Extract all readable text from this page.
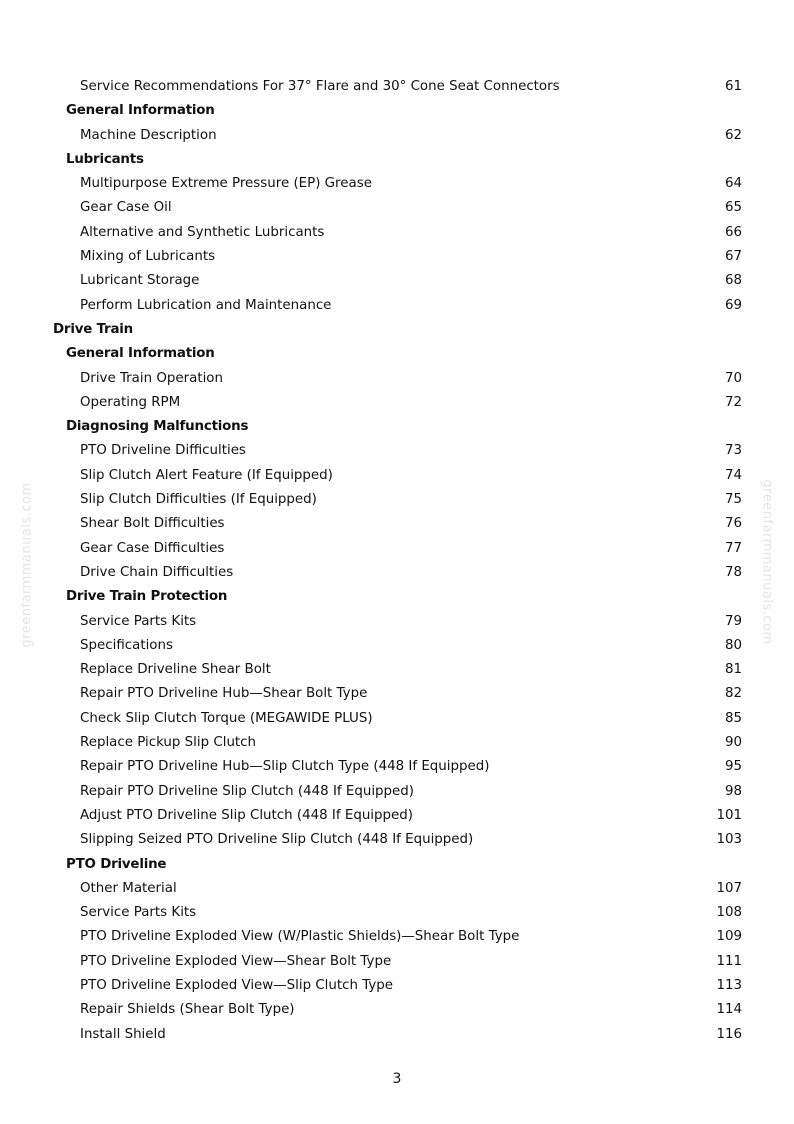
Service Recommendations For 37° Flare and 30° Cone Seat Connectors	61
General Information
Machine Description	62
Lubricants
Multipurpose Extreme Pressure (EP) Grease	64
Gear Case Oil	65
Alternative and Synthetic Lubricants	66
Mixing of Lubricants	67
Lubricant Storage	68
Perform Lubrication and Maintenance	69
Drive Train
General Information
Drive Train Operation	70
Operating RPM	72
Diagnosing Malfunctions
PTO Driveline Difficulties	73
Slip Clutch Alert Feature (If Equipped)	74
Slip Clutch Difficulties (If Equipped)	75
Shear Bolt Difficulties	76
Gear Case Difficulties	77
Drive Chain Difficulties	78
Drive Train Protection
Service Parts Kits	79
Specifications	80
Replace Driveline Shear Bolt	81
Repair PTO Driveline Hub—Shear Bolt Type	82
Check Slip Clutch Torque (MEGAWIDE PLUS)	85
Replace Pickup Slip Clutch	90
Repair PTO Driveline Hub—Slip Clutch Type (448 If Equipped)	95
Repair PTO Driveline Slip Clutch (448 If Equipped)	98
Adjust PTO Driveline Slip Clutch (448 If Equipped)	101
Slipping Seized PTO Driveline Slip Clutch (448 If Equipped)	103
PTO Driveline
Other Material	107
Service Parts Kits	108
PTO Driveline Exploded View (W/Plastic Shields)—Shear Bolt Type	109
PTO Driveline Exploded View—Shear Bolt Type	111
PTO Driveline Exploded View—Slip Clutch Type	113
Repair Shields (Shear Bolt Type)	114
Install Shield	116
3
greenfarmmanuals.com	greenfarmmanuals.com
